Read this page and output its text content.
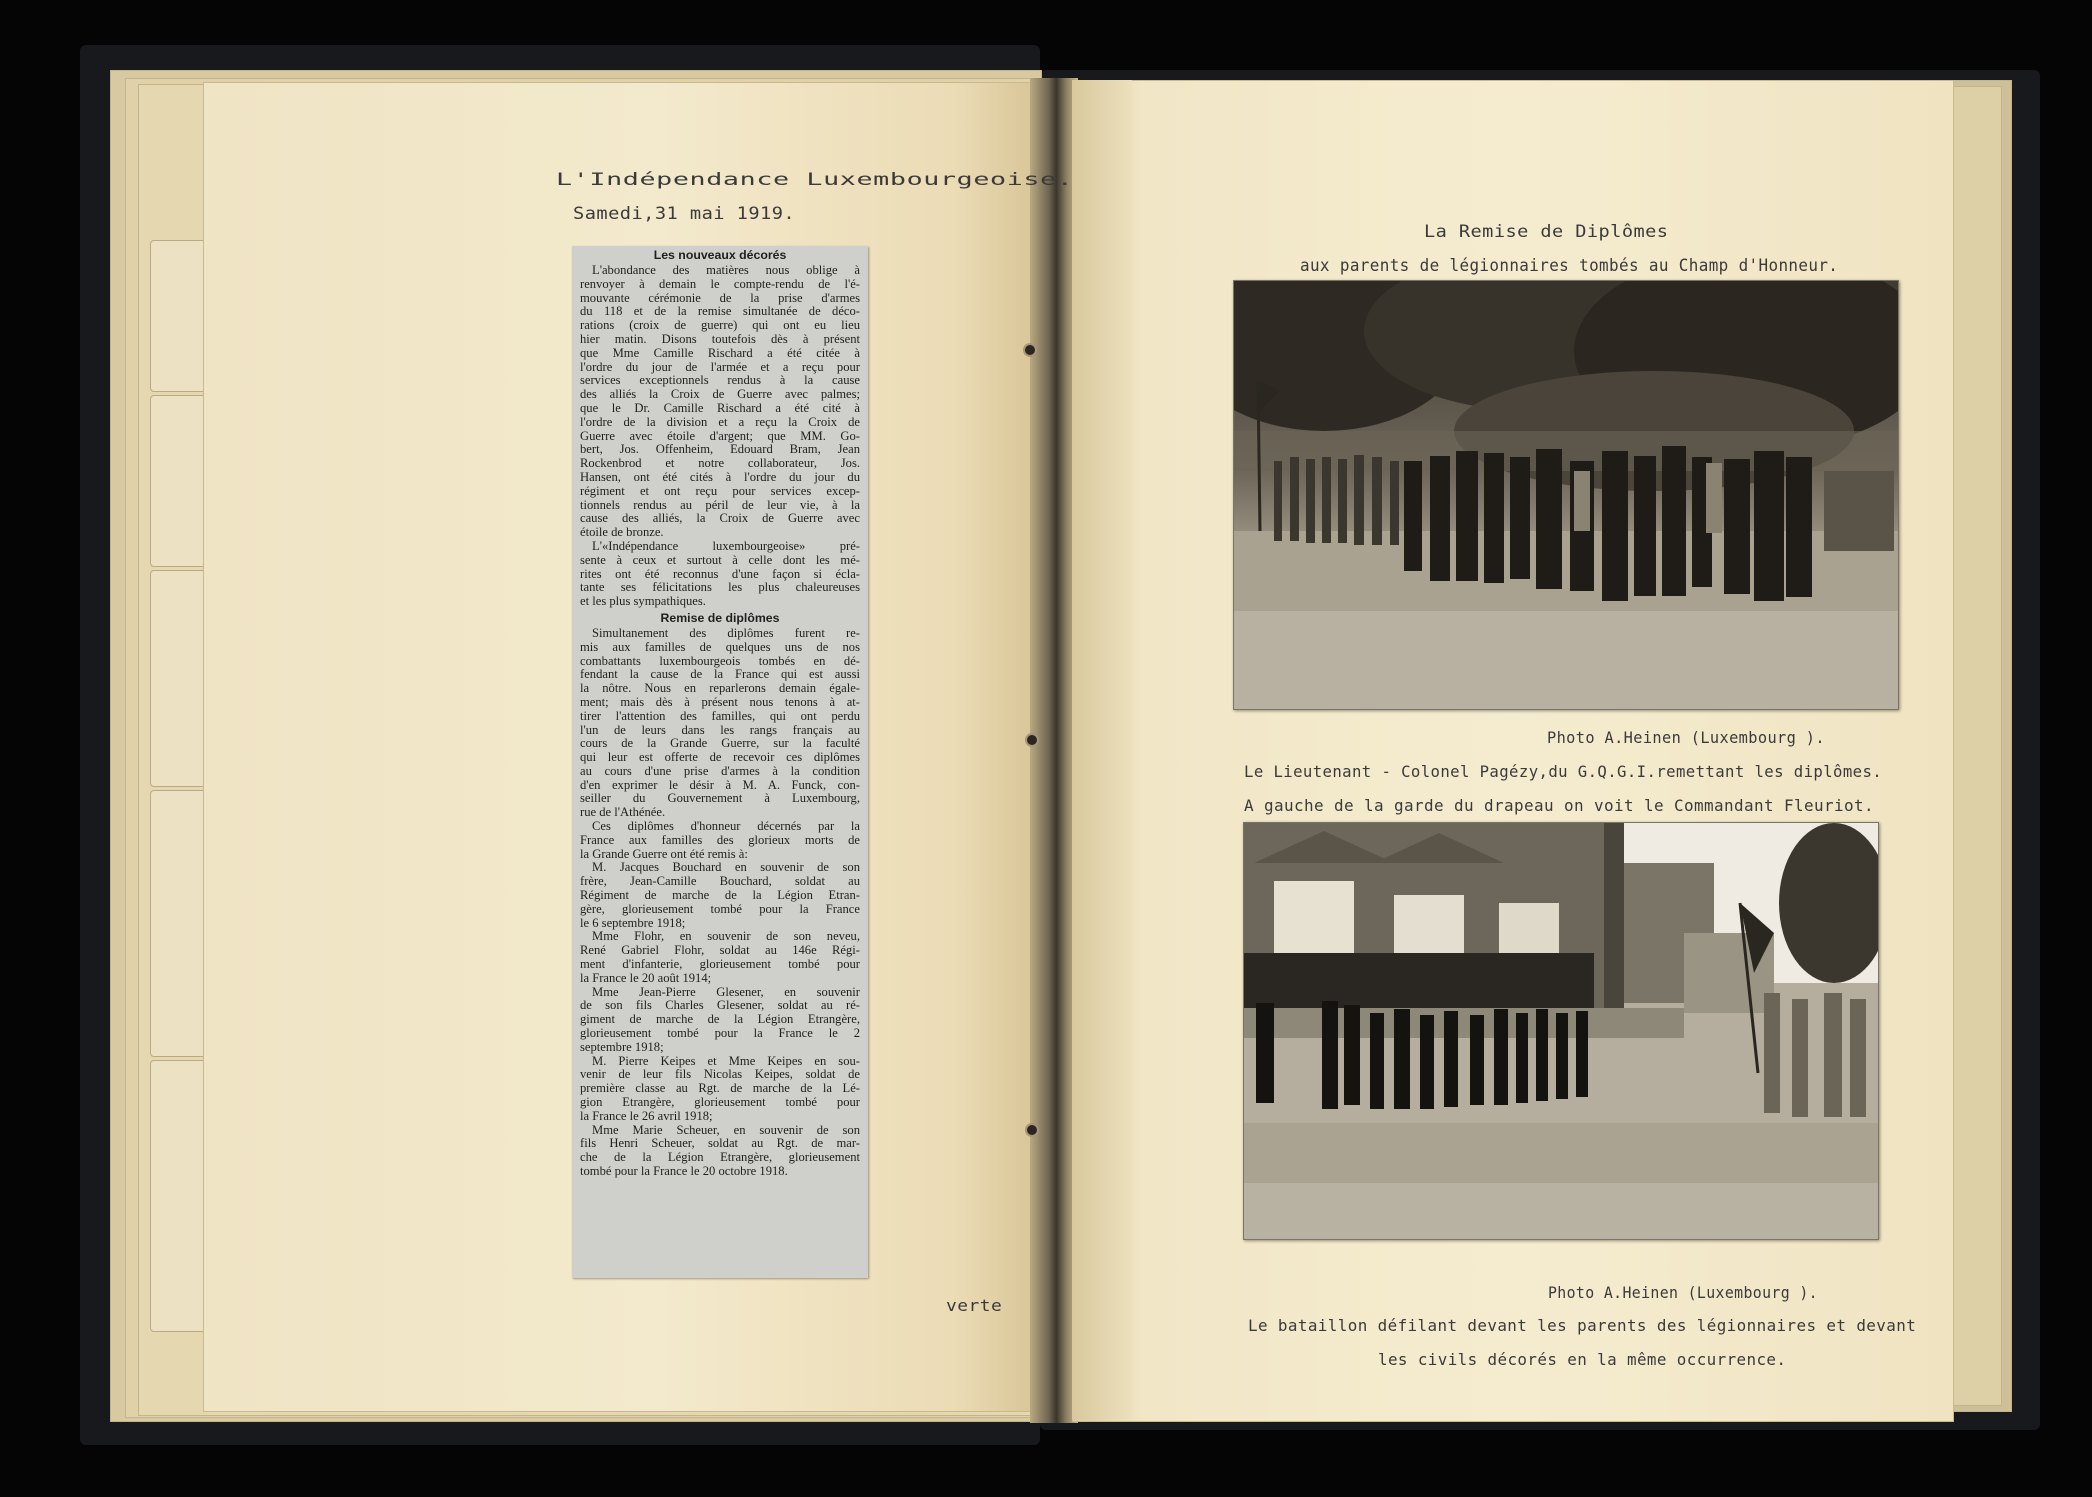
L'Indépendance Luxembourgeoise.

Samedi,31 mai 1919.

Les nouveaux décorés

L'abondance des matières nous oblige à
renvoyer à demain le compte-rendu de l'é-
mouvante cérémonie de la prise d'armes
du 118 et de la remise simultanée de déco-
rations (croix de guerre) qui ont eu lieu
hier matin. Disons toutefois dès à présent
que Mme Camille Rischard a été citée à
l'ordre du jour de l'armée et a reçu pour
services exceptionnels rendus à la cause
des alliés la Croix de Guerre avec palmes;
que le Dr. Camille Rischard a été cité à
l'ordre de la division et a reçu la Croix de
Guerre avec étoile d'argent; que MM. Go-
bert, Jos. Offenheim, Edouard Bram, Jean
Rockenbrod et notre collaborateur, Jos.
Hansen, ont été cités à l'ordre du jour du
régiment et ont reçu pour services excep-
tionnels rendus au péril de leur vie, à la
cause des alliés, la Croix de Guerre avec
étoile de bronze.
L'«Indépendance luxembourgeoise» pré-
sente à ceux et surtout à celle dont les mé-
rites ont été reconnus d'une façon si écla-
tante ses félicitations les plus chaleureuses
et les plus sympathiques.

Remise de diplômes

Simultanement des diplômes furent re-
mis aux familles de quelques uns de nos
combattants luxembourgeois tombés en dé-
fendant la cause de la France qui est aussi
la nôtre. Nous en reparlerons demain égale-
ment; mais dès à présent nous tenons à at-
tirer l'attention des familles, qui ont perdu
l'un de leurs dans les rangs français au
cours de la Grande Guerre, sur la faculté
qui leur est offerte de recevoir ces diplômes
au cours d'une prise d'armes à la condition
d'en exprimer le désir à M. A. Funck, con-
seiller du Gouvernement à Luxembourg,
rue de l'Athénée.
Ces diplômes d'honneur décernés par la
France aux familles des glorieux morts de
la Grande Guerre ont été remis à:
M. Jacques Bouchard en souvenir de son
frère, Jean-Camille Bouchard, soldat au
Régiment de marche de la Légion Etran-
gère, glorieusement tombé pour la France
le 6 septembre 1918;
Mme Flohr, en souvenir de son neveu,
René Gabriel Flohr, soldat au 146e Régi-
ment d'infanterie, glorieusement tombé pour
la France le 20 août 1914;
Mme Jean-Pierre Glesener, en souvenir
de son fils Charles Glesener, soldat au ré-
giment de marche de la Légion Etrangère,
glorieusement tombé pour la France le 2
septembre 1918;
M. Pierre Keipes et Mme Keipes en sou-
venir de leur fils Nicolas Keipes, soldat de
première classe au Rgt. de marche de la Lé-
gion Etrangère, glorieusement tombé pour
la France le 26 avril 1918;
Mme Marie Scheuer, en souvenir de son
fils Henri Scheuer, soldat au Rgt. de mar-
che de la Légion Etrangère, glorieusement
tombé pour la France le 20 octobre 1918.

verte

La Remise de Diplômes

aux parents de légionnaires tombés au Champ d'Honneur.

Photo A.Heinen (Luxembourg ).

Le Lieutenant - Colonel Pagézy,du G.Q.G.I.remettant les diplômes.

A gauche de la garde du drapeau on voit le Commandant Fleuriot.

Photo A.Heinen (Luxembourg ).

Le bataillon défilant devant les parents des légionnaires et devant

les civils décorés en la même occurrence.
